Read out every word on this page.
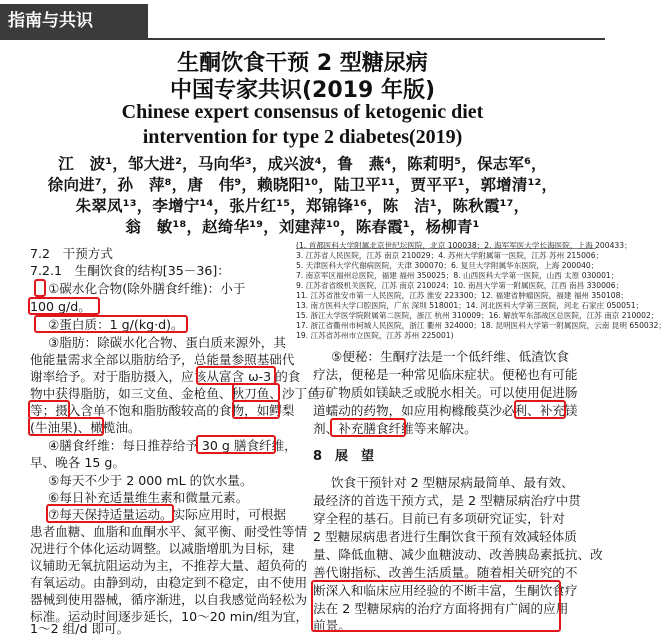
指南与共识
生酮饮食干预 2 型糖尿病
中国专家共识(2019 年版)
Chinese expert consensus of ketogenic diet
intervention for type 2 diabetes(2019)
江　波¹，邹大进²，马向华³，成兴波⁴，鲁　燕⁴，陈莉明⁵，保志军⁶，
徐向进⁷，孙　萍⁸，唐　伟⁹，赖晓阳¹⁰，陆卫平¹¹，贾平平¹，郭增清¹²，
朱翠凤¹³，李增宁¹⁴，张片红¹⁵，郑锦锋¹⁶，陈　洁¹，陈秋霞¹⁷，
翁　敏¹⁸，赵绮华¹⁹，刘建萍¹⁰，陈春霞¹，杨柳青¹
(1. 首都医科大学附属北京世纪坛医院，北京 100038；2. 海军军医大学长海医院，上海 200433；
3. 江苏省人民医院，江苏 南京 210029；4. 苏州大学附属第一医院，江苏 苏州 215006；
5. 天津医科大学代谢病医院，天津 300070；6. 复旦大学附属华东医院，上海 200040；
7. 南京军区福州总医院，福建 福州 350025；8. 山西医科大学第一医院，山西 太原 030001；
9. 江苏省省级机关医院，江苏 南京 210024；10. 南昌大学第一附属医院，江西 南昌 330006；
11. 江苏省淮安市第一人民医院，江苏 淮安 223300；12. 福建省肿瘤医院，福建 福州 350108；
13. 南方医科大学口腔医院，广东 深圳 518001；14. 河北医科大学第三医院，河北 石家庄 050051；
15. 浙江大学医学院附属第二医院，浙江 杭州 310009；16. 解放军东部战区总医院，江苏 南京 210002；
17. 浙江省衢州市柯城人民医院，浙江 衢州 324000；18. 昆明医科大学第一附属医院，云南 昆明 650032；
19. 江苏省苏州市立医院，江苏 苏州 225001)
7.2　干预方式
7.2.1　生酮饮食的结构[35－36]：
①碳水化合物(除外膳食纤维)：小于
100 g/d。
②蛋白质：1 g/(kg·d)。
③脂肪：除碳水化合物、蛋白质来源外，其
他能量需求全部以脂肪给予，总能量参照基础代
谢率给予。对于脂肪摄入，应该从富含 ω-3 的食
物中获得脂肪，如三文鱼、金枪鱼、秋刀鱼、沙丁鱼
等；摄入含单不饱和脂肪酸较高的食物，如鳄梨
(牛油果)、橄榄油。
④膳食纤维：每日推荐给予 30 g 膳食纤维，
早、晚各 15 g。
⑤每天不少于 2 000 mL 的饮水量。
⑥每日补充适量维生素和微量元素。
⑦每天保持适量运动。实际应用时，可根据
患者血糖、血脂和血酮水平、氮平衡、耐受性等情
况进行个体化运动调整。以减脂增肌为目标，建
议辅助无氧抗阻运动为主，不推荐大量、超负荷的
有氧运动。由静到动，由稳定到不稳定，由不使用
器械到使用器械，循序渐进，以自我感觉尚轻松为
标准。运动时间逐步延长，10～20 min/组为宜，
1～2 组/d 即可。
⑤便秘：生酮疗法是一个低纤维、低渣饮食
疗法，便秘是一种常见临床症状。便秘也有可能
与矿物质如镁缺乏或脱水相关。可以使用促进肠
道蠕动的药物，如应用枸橼酸莫沙必利、补充镁
剂、补充膳食纤维等来解决。
8　展　望
饮食干预针对 2 型糖尿病最简单、最有效、
最经济的首选干预方式，是 2 型糖尿病治疗中贯
穿全程的基石。目前已有多项研究证实，针对
2 型糖尿病患者进行生酮饮食干预有效减轻体质
量、降低血糖、减少血糖波动、改善胰岛素抵抗、改
善代谢指标、改善生活质量。随着相关研究的不
断深入和临床应用经验的不断丰富，生酮饮食疗
法在 2 型糖尿病的治疗方面将拥有广阔的应用
前景。
